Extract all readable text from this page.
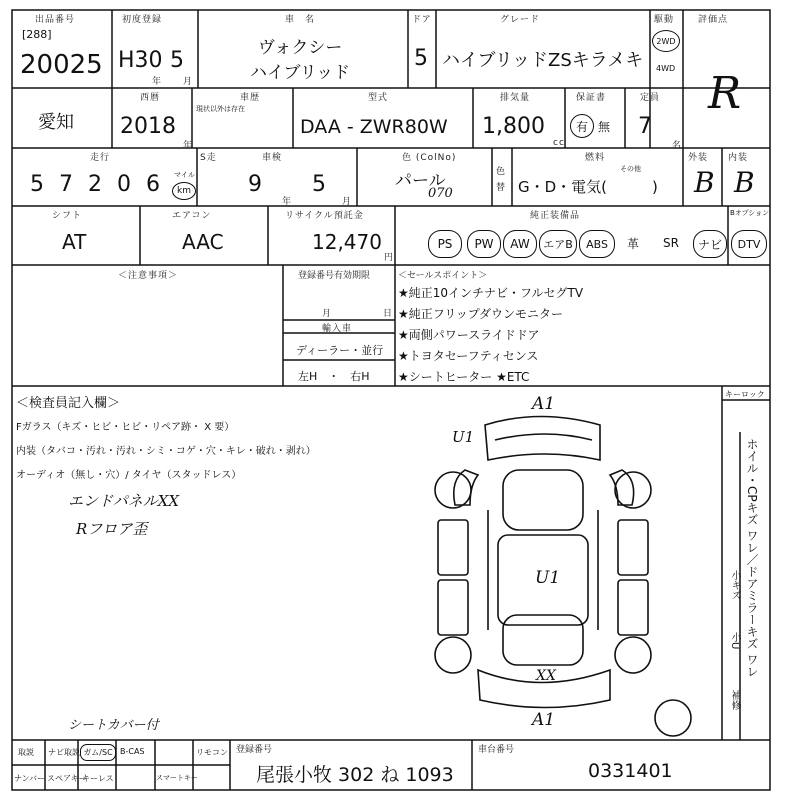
出品番号
[288]
20025
初度登録
H30 5
年 月
車　名
ヴォクシー
ハイブリッド
ドア
5
グレード
ハイブリッドZSキラメキ
駆動
2WD
4WD
評価点
R
愛知
西暦
2018
年
車歴
現状以外は存在
型式
DAA - ZWR80W
排気量
1,800
cc
保証書
有 無
定員
7
名
走行
5 7 2 0 6 マイル
km
S走	車検
9
年
5
月
色 (ColNo)
パール
070
色替
燃料
その他
G・D・電気(　　　)
外装
B
内装
B
シフト
AT
エアコン
AAC
リサイクル預託金
12,470
円
純正装備品	Bオプション
PS	PW	AW	エアB	ABS	革	SR	ナビ	DTV
＜注意事項＞	登録番号有効期限
月	日
輸入車
ディーラー・並行
左H　・　右H
＜セールスポイント＞
★純正10インチナビ・フルセグTV
★純正フリップダウンモニター
★両側パワースライドドア
★トヨタセーフティセンス
★シートヒーター ★ETC
＜検査員記入欄＞
Fガラス（キズ・ヒビ・ヒビ・リペア跡・ X 要）
内装（タバコ・汚れ・汚れ・シミ・コゲ・穴・キレ・破れ・剥れ）
オーディオ（無し・穴）/ タイヤ（スタッドレス）
エンドパネルXX
Rフロア歪
シートカバー付
A1
U1
U1
XX
A1
キーロック
ホイル・CPキズ ワレ／ドアミラーキズ ワレ
小キズ
小U
補修
取説
ナンバー
ナビ取説
スペアキー
ガム/SC
キーレス
B-CAS
スマートキー
リモコン 登録番号
尾張小牧 302 ね 1093
車台番号
0331401
